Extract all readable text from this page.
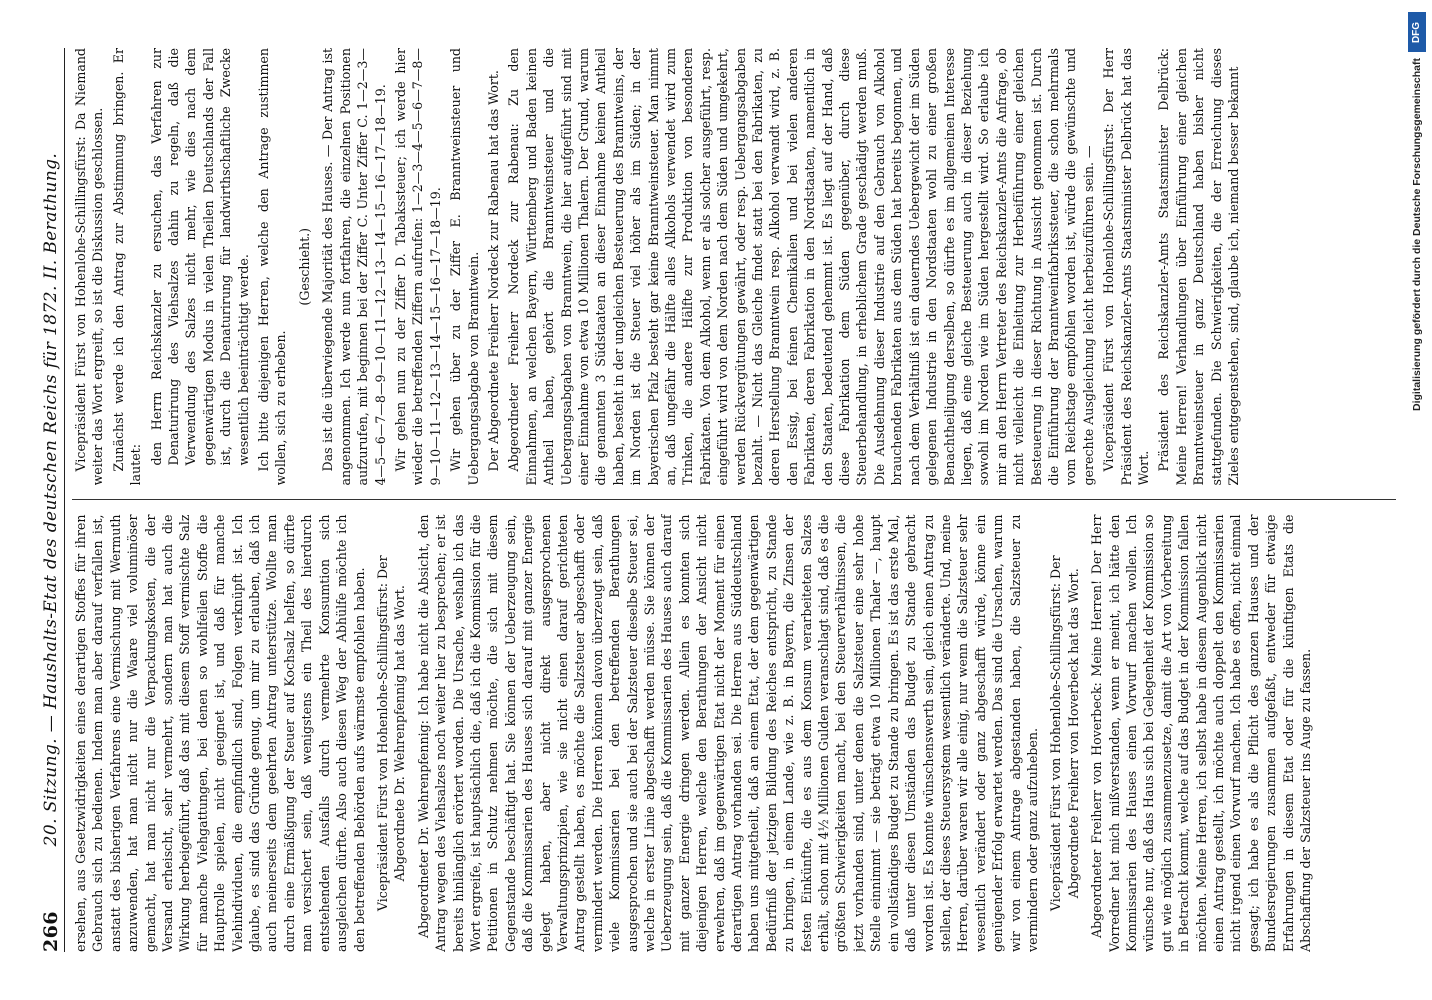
266
20. Sitzung. — Haushalts-Etat des deutschen Reichs für 1872. II. Berathung. ersehen, aus Gesetzwidrigkeiten eines derartigen Stoffes für ihren Gebrauch sich zu bedienen. Indem man aber darauf verfallen ist, anstatt des bisherigen Verfahrens eine Vermischung mit Wermuth anzuwenden, hat man nicht nur die Waare viel voluminöser gemacht, hat man nicht nur die Verpackungskosten, die der Versand erheischt, sehr vermehrt, sondern man hat auch die Wirkung herbeigeführt, daß das mit diesem Stoff vermischte Salz für manche Viehgattungen, bei denen so wohlfeilen Stoffe die Hauptrolle spielen, nicht geeignet ist, und daß für manche Viehindividuen, die empfindlich sind, Folgen verknüpft ist. Ich glaube, es sind das Gründe genug, um mir zu erlauben, daß ich auch meinerseits dem geehrten Antrag unterstütze. Wollte man durch eine Ermäßigung der Steuer auf Kochsalz helfen, so dürfte man versichert sein, daß wenigstens ein Theil des hierdurch entstehenden Ausfalls durch vermehrte Konsumtion sich ausgleichen dürfte. Also auch diesen Weg der Abhülfe möchte ich den betreffenden Behörden aufs wärmste empfohlen haben. Vicepräsident Fürst von Hohenlohe-Schillingsfürst: Der Abgeordnete Dr. Wehrenpfennig hat das Wort. Abgeordneter Dr. Wehrenpfennig: Ich habe nicht die Absicht, den Antrag wegen des Viehsalzes noch weiter hier zu besprechen; er ist bereits hinlänglich erörtert worden. Die Ursache, weshalb ich das Wort ergreife, ist hauptsächlich die, daß ich die Kommission für die Petitionen in Schutz nehmen möchte, die sich mit diesem Gegenstande beschäftigt hat. Sie können der Ueberzeugung sein, daß die Kommissarien des Hauses sich darauf mit ganzer Energie gelegt haben, aber nicht direkt ausgesprochenen Verwaltungsprinzipien, wie sie nicht einen darauf gerichteten Antrag gestellt haben, es möchte die Salzsteuer abgeschafft oder vermindert werden. Die Herren können davon überzeugt sein, daß viele Kommissarien bei den betreffenden Berathungen ausgesprochen und sie auch bei der Salzsteuer dieselbe Steuer sei, welche in erster Linie abgeschafft werden müsse. Sie können der Ueberzeugung sein, daß die Kommissarien des Hauses auch darauf mit ganzer Energie dringen werden. Allein es konnten sich diejenigen Herren, welche den Berathungen der Ansicht nicht erwehren, daß im gegenwärtigen Etat nicht der Moment für einen derartigen Antrag vorhanden sei. Die Herren aus Süddeutschland haben uns mitgetheilt, daß an einem Etat, der dem gegenwärtigen Bedürfniß der jetzigen Bildung des Reiches entspricht, zu Stande zu bringen, in einem Lande, wie z. B. in Bayern, die Zinsen der festen Einkünfte, die es aus dem Konsum verarbeiteten Salzes erhält, schon mit 4½ Millionen Gulden veranschlagt sind, daß es die größten Schwierigkeiten macht, bei den Steuerverhältnissen, die jetzt vorhanden sind, unter denen die Salzsteuer eine sehr hohe Stelle einnimmt — sie beträgt etwa 10 Millionen Thaler —, haupt ein vollständiges Budget zu Stande zu bringen. Es ist das erste Mal, daß unter diesen Umständen das Budget zu Stande gebracht worden ist. Es konnte wünschenswerth sein, gleich einen Antrag zu stellen, der dieses Steuersystem wesentlich veränderte. Und, meine Herren, darüber waren wir alle einig, nur wenn die Salzsteuer sehr wesentlich verändert oder ganz abgeschafft würde, könne ein genügender Erfolg erwartet werden. Das sind die Ursachen, warum wir von einem Antrage abgestanden haben, die Salzsteuer zu vermindern oder ganz aufzuheben. Vicepräsident Fürst von Hohenlohe-Schillingsfürst: Der Abgeordnete Freiherr von Hoverbeck hat das Wort. Abgeordneter Freiherr von Hoverbeck: Meine Herren! Der Herr Vorredner hat mich mißverstanden, wenn er meint, ich hätte den Kommissarien des Hauses einen Vorwurf machen wollen. Ich wünsche nur, daß das Haus sich bei Gelegenheit der Kommission so gut wie möglich zusammenzusetze, damit die Art von Vorbereitung in Betracht kommt, welche auf das Budget in der Kommission fallen möchten. Meine Herren, ich selbst habe in diesem Augenblick nicht einen Antrag gestellt, ich möchte auch doppelt den Kommissarien nicht irgend einen Vorwurf machen. Ich habe es offen, nicht einmal gesagt; ich habe es als die Pflicht des ganzen Hauses und der Bundesregierungen zusammen aufgefaßt, entweder für etwaige Erfahrungen in diesem Etat oder für die künftigen Etats die Abschaffung der Salzsteuer ins Auge zu fassen.

Vicepräsident Fürst von Hohenlohe-Schillingsfürst: Da Niemand weiter das Wort ergreift, so ist die Diskussion geschlossen. Zunächst werde ich den Antrag zur Abstimmung bringen. Er lautet: den Herrn Reichskanzler zu ersuchen, das Verfahren zur Denaturirung des Viehsalzes dahin zu regeln, daß die Verwendung des Salzes nicht mehr, wie dies nach dem gegenwärtigen Modus in vielen Theilen Deutschlands der Fall ist, durch die Denaturirung für landwirthschaftliche Zwecke wesentlich beeinträchtigt werde. Ich bitte diejenigen Herren, welche den Antrage zustimmen wollen, sich zu erheben.

(Geschieht.) Das ist die überwiegende Majorität des Hauses. — Der Antrag ist angenommen. Ich werde nun fortfahren, die einzelnen Positionen aufzurufen, mit beginnen bei der Ziffer C. Unter Ziffer C. 1—2—3—4—5—6—7—8—9—10—11—12—13—14—15—16—17—18—19. Wir gehen nun zu der Ziffer D. Tabakssteuer; ich werde hier wieder die betreffenden Ziffern aufrufen: 1—2—3—4—5—6—7—8—9—10—11—12—13—14—15—16—17—18—19. Wir gehen über zu der Ziffer E. Branntweinsteuer und Uebergangsabgabe von Branntwein. Der Abgeordnete Freiherr Nordeck zur Rabenau hat das Wort. Abgeordneter Freiherr Nordeck zur Rabenau: Zu den Einnahmen, an welchen Bayern, Württemberg und Baden keinen Antheil haben, gehört die Branntweinsteuer und die Uebergangsabgaben von Branntwein, die hier aufgeführt sind mit einer Einnahme von etwa 10 Millionen Thalern. Der Grund, warum die genannten 3 Südstaaten an dieser Einnahme keinen Antheil haben, besteht in der ungleichen Besteuerung des Branntweins, der im Norden ist die Steuer viel höher als im Süden; in der bayerischen Pfalz besteht gar keine Branntweinsteuer. Man nimmt an, daß ungefähr die Hälfte alles Alkohols verwendet wird zum Trinken, die andere Hälfte zur Produktion von besonderen Fabrikaten. Von dem Alkohol, wenn er als solcher ausgeführt, resp. eingeführt wird von dem Norden nach dem Süden und umgekehrt, werden Rückvergütungen gewährt, oder resp. Uebergangsabgaben bezahlt. — Nicht das Gleiche findet statt bei den Fabrikaten, zu deren Herstellung Branntwein resp. Alkohol verwandt wird, z. B. den Essig, bei feinen Chemikalien und bei vielen anderen Fabrikaten, deren Fabrikation in den Nordstaaten, namentlich in den Staaten, bedeutend gehemmt ist. Es liegt auf der Hand, daß diese Fabrikation dem Süden gegenüber, durch diese Steuerbehandlung, in erheblichem Grade geschädigt werden muß. Die Ausdehnung dieser Industrie auf den Gebrauch von Alkohol brauchenden Fabrikaten aus dem Süden hat bereits begonnen, und nach dem Verhältniß ist ein dauerndes Uebergewicht der im Süden gelegenen Industrie in den Nordstaaten wohl zu einer großen Benachtheiligung derselben, so dürfte es im allgemeinen Interesse liegen, daß eine gleiche Besteuerung auch in dieser Beziehung sowohl im Norden wie im Süden hergestellt wird. So erlaube ich mir an den Herrn Vertreter des Reichskanzler-Amts die Anfrage, ob nicht vielleicht die Einleitung zur Herbeiführung einer gleichen Besteuerung in dieser Richtung in Aussicht genommen ist. Durch die Einführung der Branntweinfabrikssteuer, die schon mehrmals vom Reichstage empfohlen worden ist, würde die gewünschte und gerechte Ausgleichung leicht herbeizuführen sein. — Vicepräsident Fürst von Hohenlohe-Schillingsfürst: Der Herr Präsident des Reichskanzler-Amts Staatsminister Delbrück hat das Wort. Präsident des Reichskanzler-Amts Staatsminister Delbrück: Meine Herren! Verhandlungen über Einführung einer gleichen Branntweinsteuer in ganz Deutschland haben bisher nicht stattgefunden. Die Schwierigkeiten, die der Erreichung dieses Zieles entgegenstehen, sind, glaube ich, niemand besser bekannt

DFG
Digitalisierung gefördert durch die Deutsche Forschungsgemeinschaft
